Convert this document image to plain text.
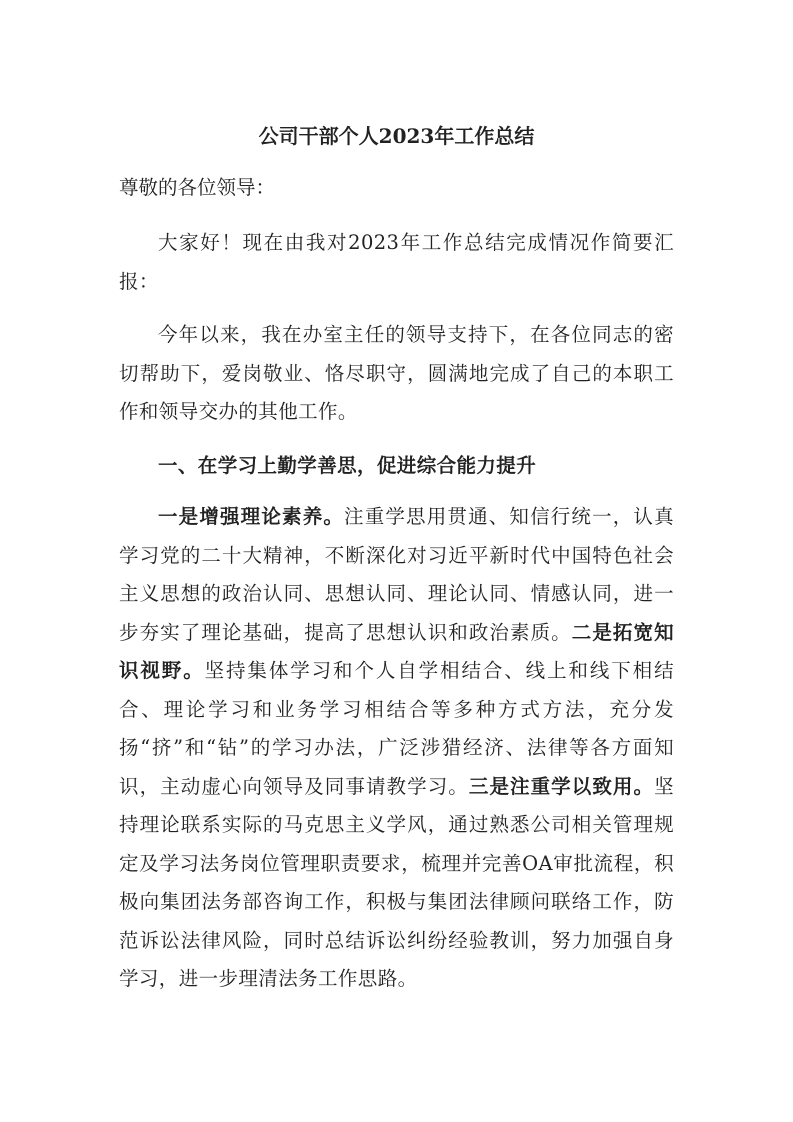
公司干部个人2023年工作总结
尊敬的各位领导：

大家好！现在由我对2023年工作总结完成情况作简要汇报：

今年以来，我在办室主任的领导支持下，在各位同志的密切帮助下，爱岗敬业、恪尽职守，圆满地完成了自己的本职工作和领导交办的其他工作。

一、在学习上勤学善思，促进综合能力提升

一是增强理论素养。注重学思用贯通、知信行统一，认真学习党的二十大精神，不断深化对习近平新时代中国特色社会主义思想的政治认同、思想认同、理论认同、情感认同，进一步夯实了理论基础，提高了思想认识和政治素质。二是拓宽知识视野。坚持集体学习和个人自学相结合、线上和线下相结合、理论学习和业务学习相结合等多种方式方法，充分发扬“挤”和“钻”的学习办法，广泛涉猎经济、法律等各方面知识，主动虚心向领导及同事请教学习。三是注重学以致用。坚持理论联系实际的马克思主义学风，通过熟悉公司相关管理规定及学习法务岗位管理职责要求，梳理并完善OA审批流程，积极向集团法务部咨询工作，积极与集团法律顾问联络工作，防范诉讼法律风险，同时总结诉讼纠纷经验教训，努力加强自身学习，进一步理清法务工作思路。
